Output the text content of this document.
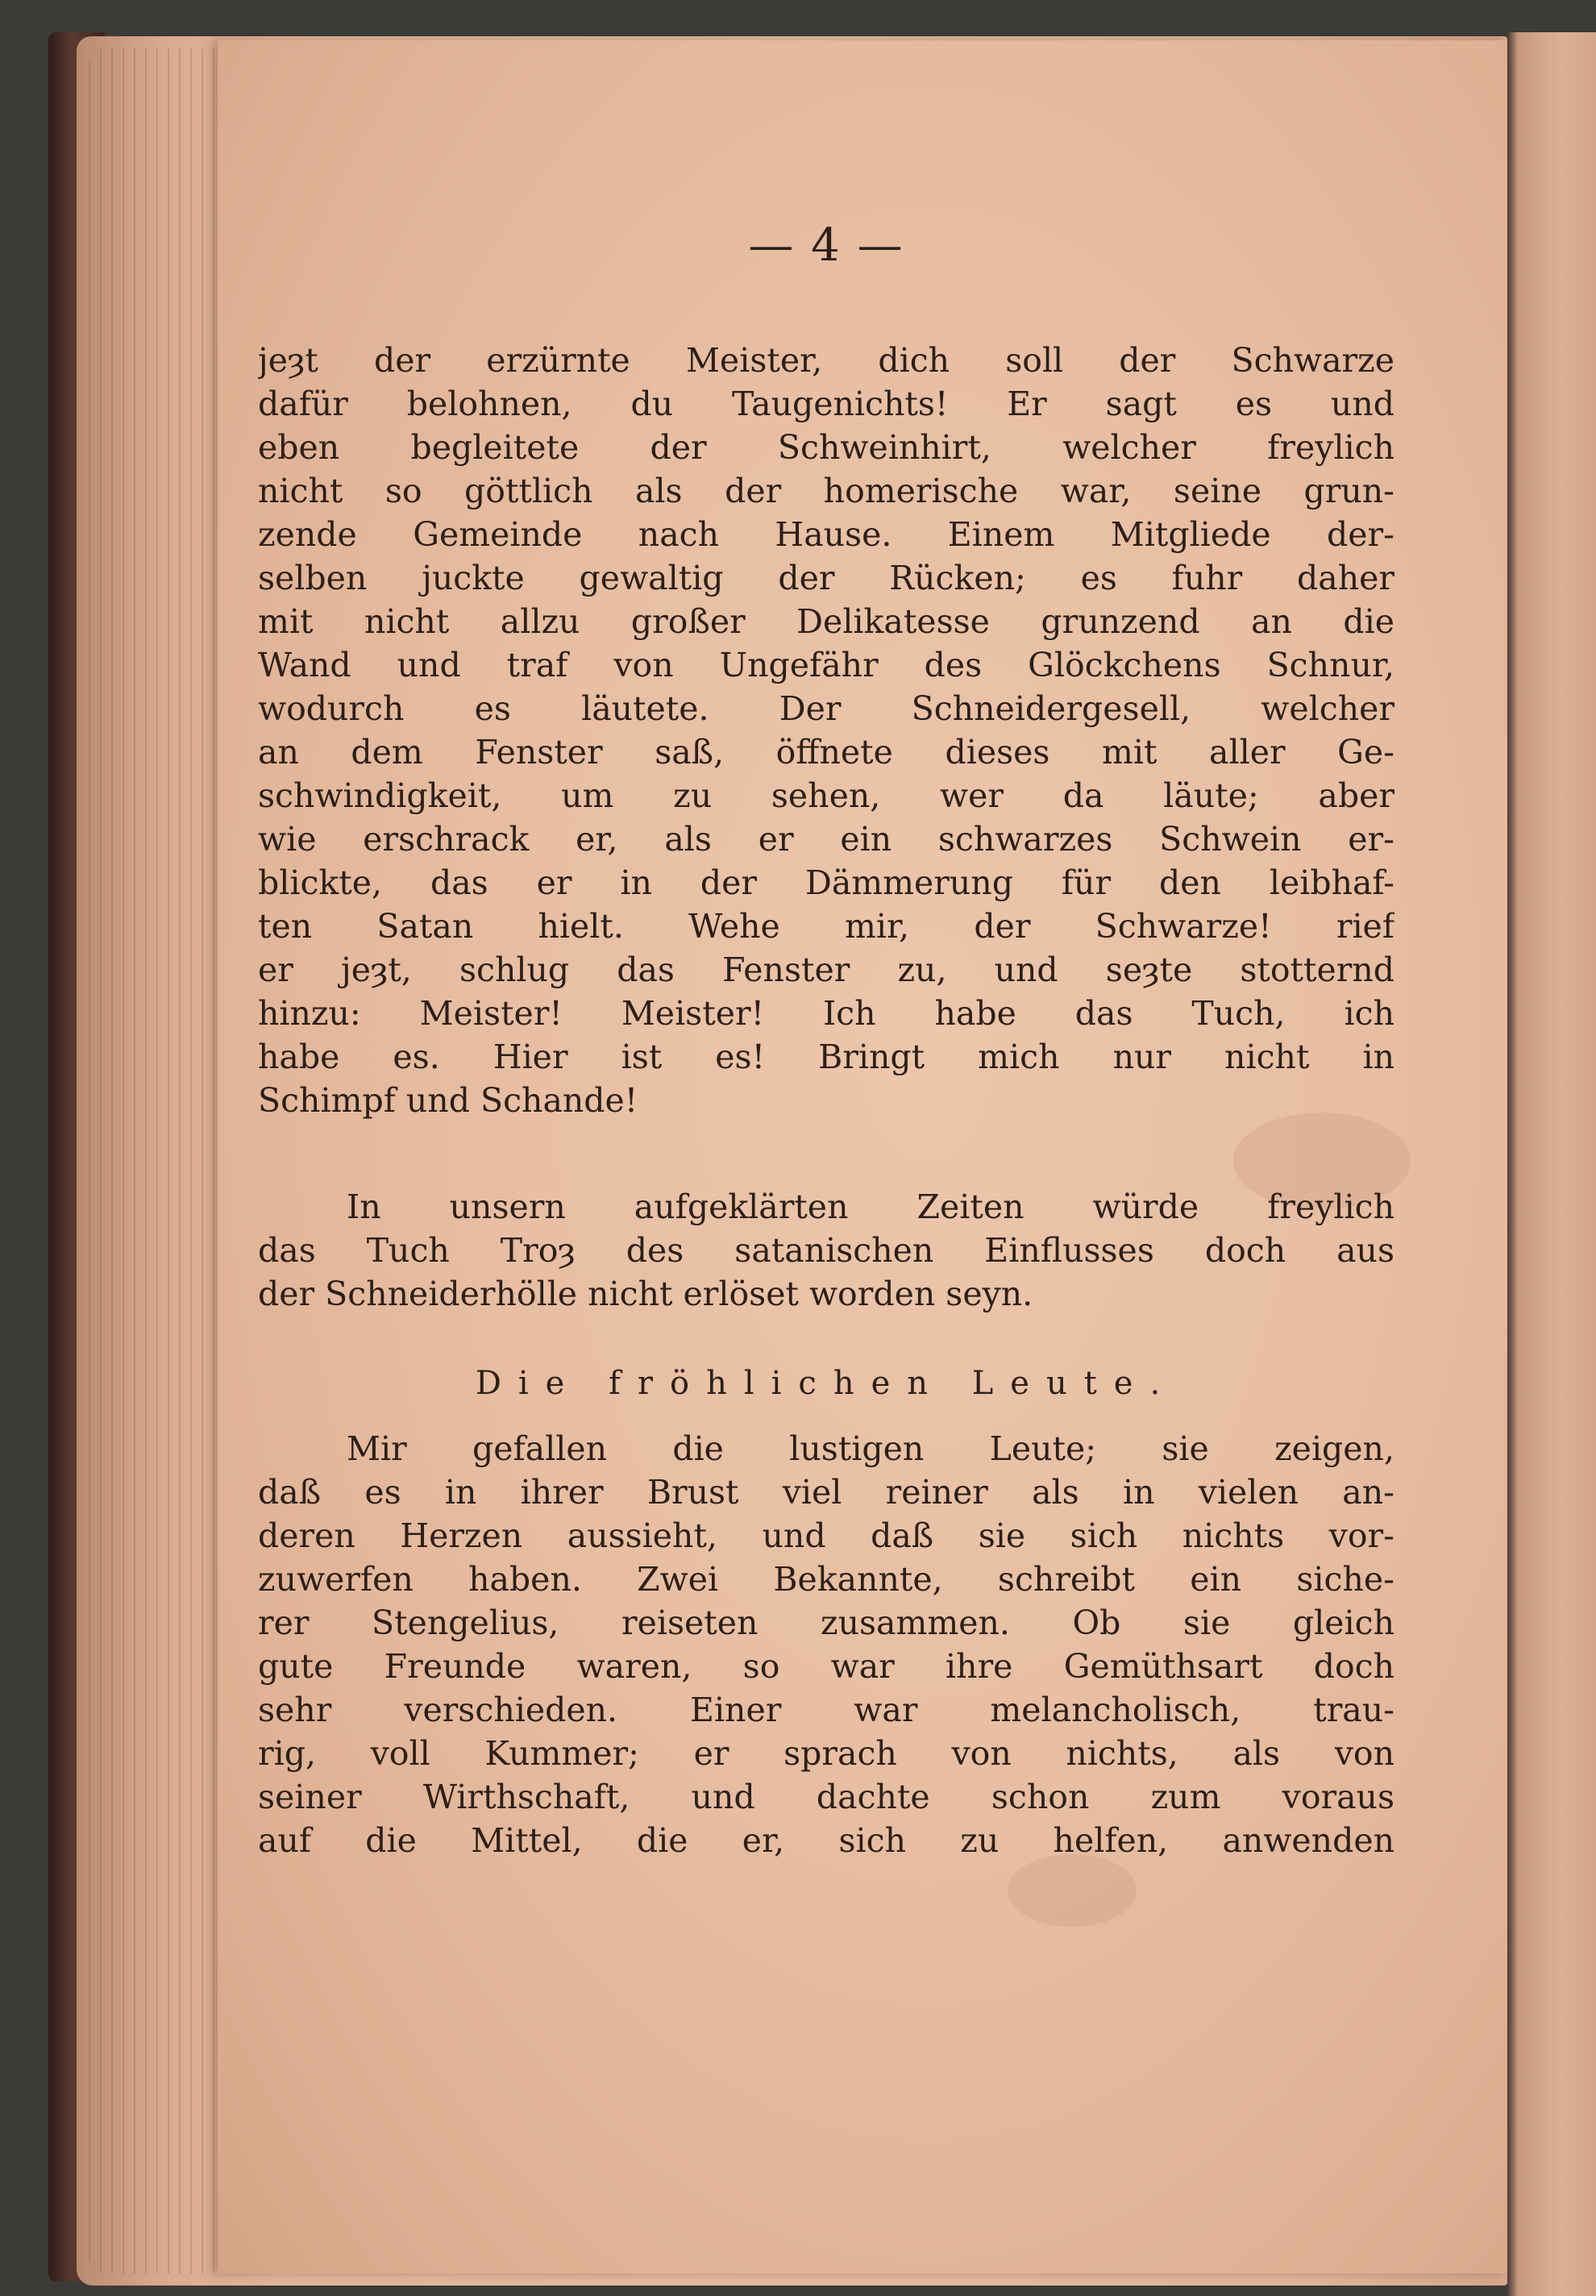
— 4 —
jeȝt der erzürnte Meister, dich soll der Schwarze
dafür belohnen, du Taugenichts! Er sagt es und
eben begleitete der Schweinhirt, welcher freylich
nicht so göttlich als der homerische war, seine grun-
zende Gemeinde nach Hause. Einem Mitgliede der-
selben juckte gewaltig der Rücken; es fuhr daher
mit nicht allzu großer Delikatesse grunzend an die
Wand und traf von Ungefähr des Glöckchens Schnur,
wodurch es läutete. Der Schneidergesell, welcher
an dem Fenster saß, öffnete dieses mit aller Ge-
schwindigkeit, um zu sehen, wer da läute; aber
wie erschrack er, als er ein schwarzes Schwein er-
blickte, das er in der Dämmerung für den leibhaf-
ten Satan hielt. Wehe mir, der Schwarze! rief
er jeȝt, schlug das Fenster zu, und seȝte stotternd
hinzu: Meister! Meister! Ich habe das Tuch, ich
habe es. Hier ist es! Bringt mich nur nicht in
Schimpf und Schande!
In unsern aufgeklärten Zeiten würde freylich
das Tuch Troȝ des satanischen Einflusses doch aus
der Schneiderhölle nicht erlöset worden seyn.
Die fröhlichen Leute.
Mir gefallen die lustigen Leute; sie zeigen,
daß es in ihrer Brust viel reiner als in vielen an-
deren Herzen aussieht, und daß sie sich nichts vor-
zuwerfen haben. Zwei Bekannte, schreibt ein siche-
rer Stengelius, reiseten zusammen. Ob sie gleich
gute Freunde waren, so war ihre Gemüthsart doch
sehr verschieden. Einer war melancholisch, trau-
rig, voll Kummer; er sprach von nichts, als von
seiner Wirthschaft, und dachte schon zum voraus
auf die Mittel, die er, sich zu helfen, anwenden
